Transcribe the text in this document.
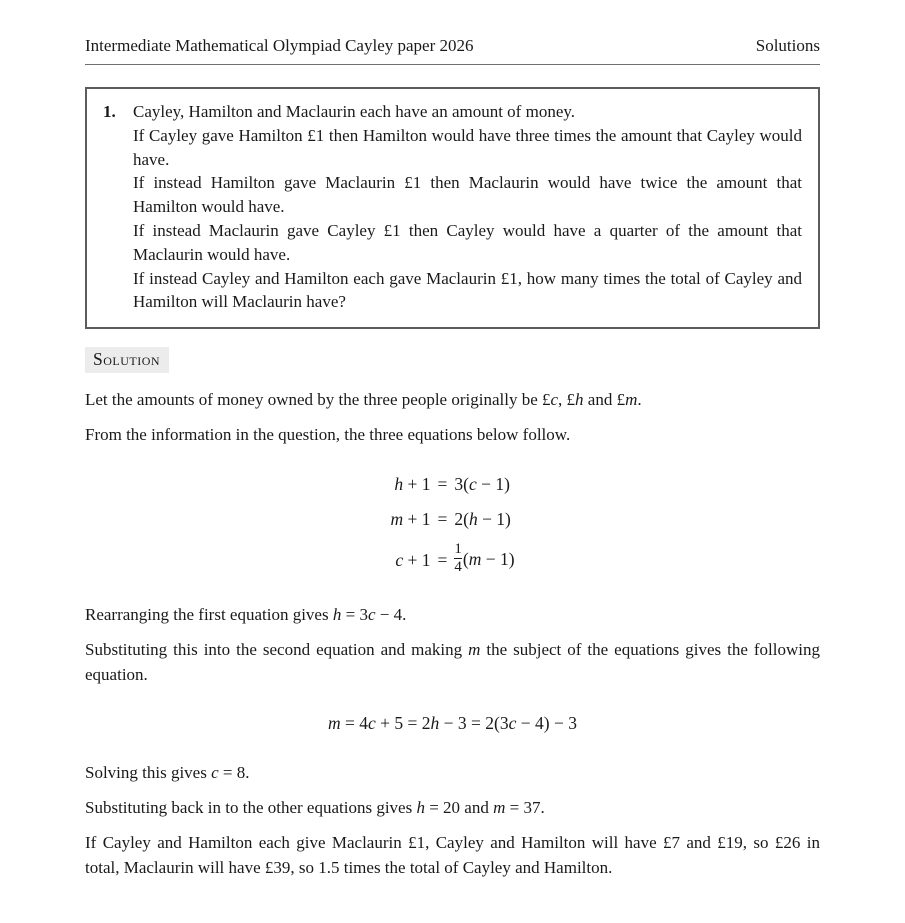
Intermediate Mathematical Olympiad Cayley paper 2026	Solutions
1.	Cayley, Hamilton and Maclaurin each have an amount of money.

If Cayley gave Hamilton £1 then Hamilton would have three times the amount that Cayley would have.

If instead Hamilton gave Maclaurin £1 then Maclaurin would have twice the amount that Hamilton would have.

If instead Maclaurin gave Cayley £1 then Cayley would have a quarter of the amount that Maclaurin would have.

If instead Cayley and Hamilton each gave Maclaurin £1, how many times the total of Cayley and Hamilton will Maclaurin have?

Solution

Let the amounts of money owned by the three people originally be £c, £h and £m.

From the information in the question, the three equations below follow.

h + 1 = 3(c − 1)
m + 1 = 2(h − 1)
$c + 1 = \frac{1}{4} (m - 1)$

Rearranging the first equation gives h = 3c − 4.

Substituting this into the second equation and making m the subject of the equations gives the following equation.

m = 4c + 5 = 2h − 3 = 2(3c − 4) − 3

Solving this gives c = 8.

Substituting back in to the other equations gives h = 20 and m = 37.

If Cayley and Hamilton each give Maclaurin £1, Cayley and Hamilton will have £7 and £19, so £26 in total, Maclaurin will have £39, so 1.5 times the total of Cayley and Hamilton.
